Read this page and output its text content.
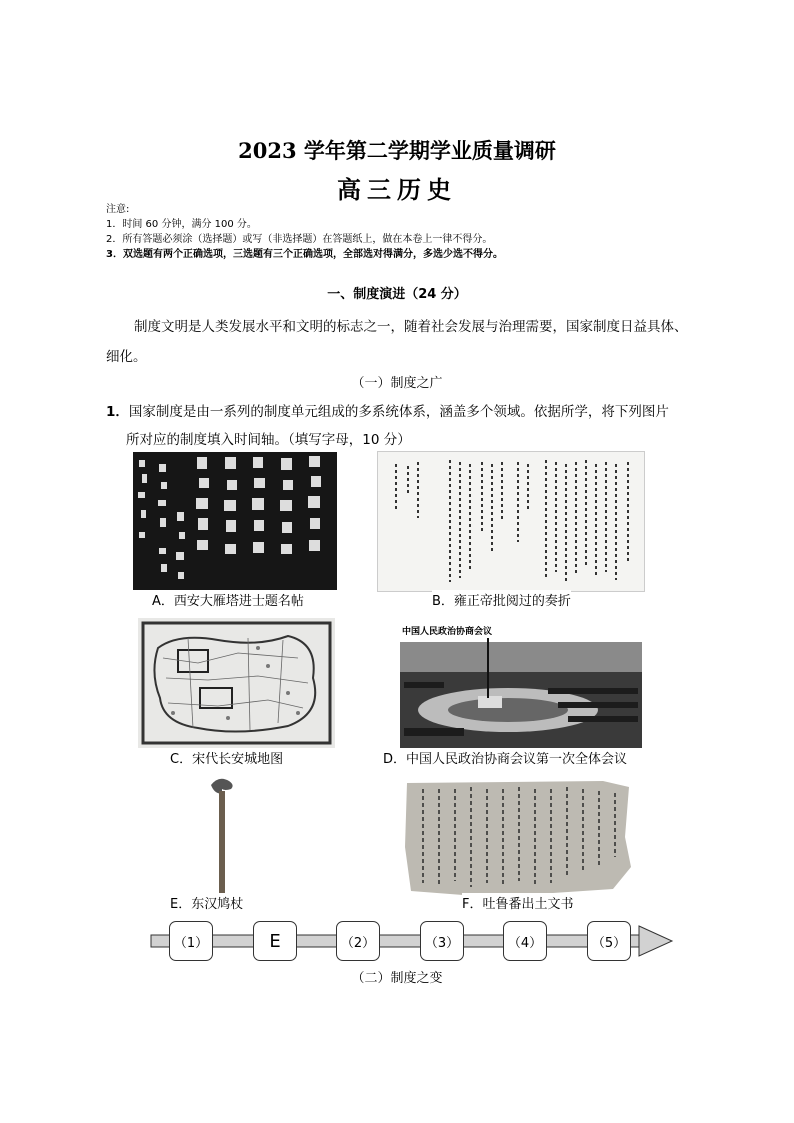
2023 学年第二学期学业质量调研
高三历史
注意:
1．时间 60 分钟，满分 100 分。
2．所有答题必须涂（选择题）或写（非选择题）在答题纸上，做在本卷上一律不得分。
3．双选题有两个正确选项，三选题有三个正确选项，全部选对得满分，多选少选不得分。
一、制度演进（24 分）
制度文明是人类发展水平和文明的标志之一，随着社会发展与治理需要，国家制度日益具体、细化。
（一）制度之广
1．国家制度是由一系列的制度单元组成的多系统体系，涵盖多个领域。依据所学，将下列图片
所对应的制度填入时间轴。（填写字母，10 分）
A．西安大雁塔进士题名帖	B．雍正帝批阅过的奏折
C．宋代长安城地图
中国人民政治协商会议
D．中国人民政治协商会议第一次全体会议
E．东汉鸠杖	F．吐鲁番出土文书
（1）	E	（2）	（3）	（4）	（5）
（二）制度之变
